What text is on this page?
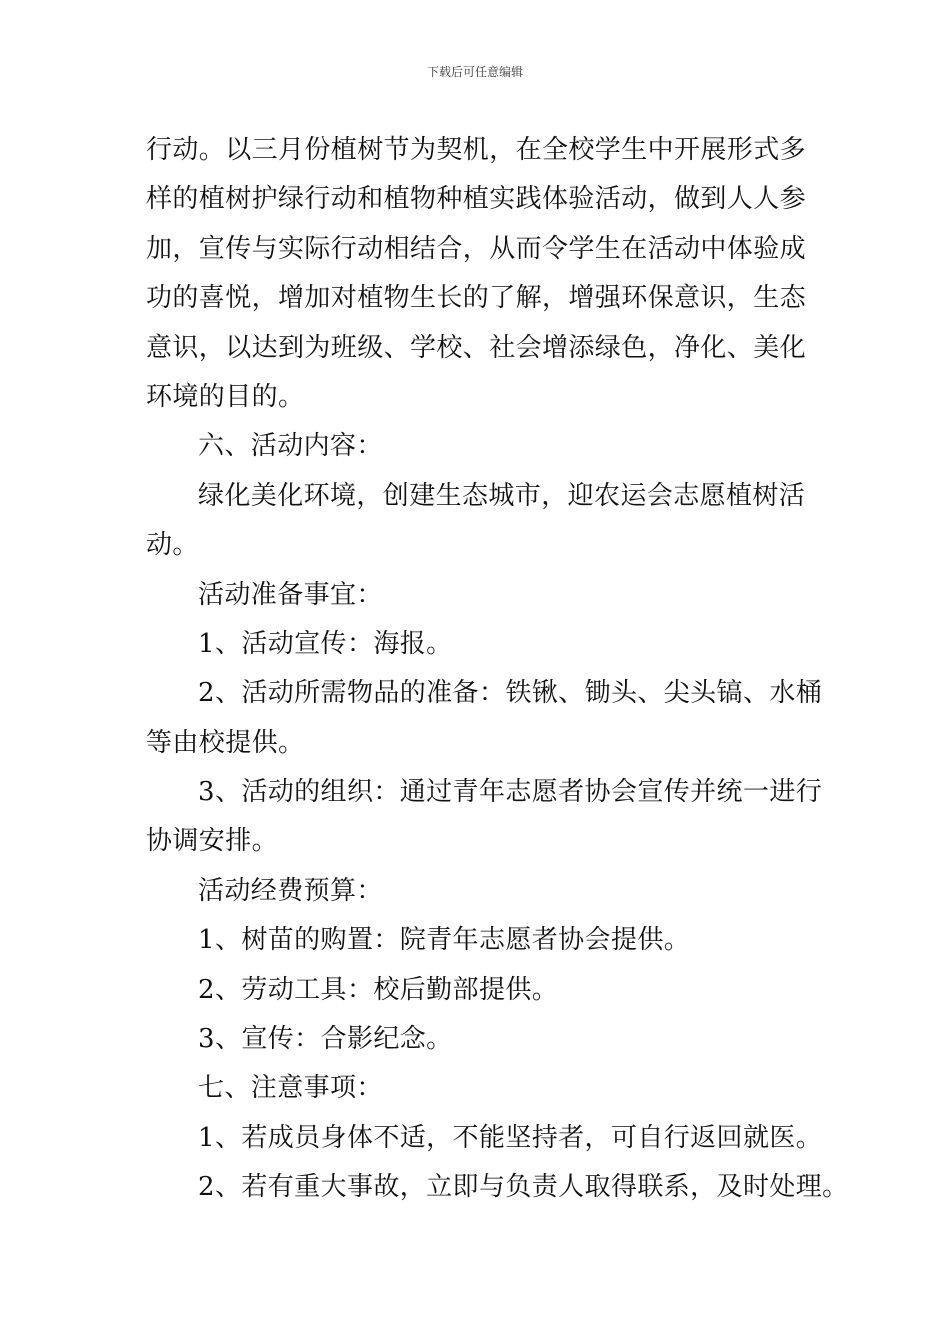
下载后可任意编辑
行动。以三月份植树节为契机，在全校学生中开展形式多
样的植树护绿行动和植物种植实践体验活动，做到人人参
加，宣传与实际行动相结合，从而令学生在活动中体验成
功的喜悦，增加对植物生长的了解，增强环保意识，生态
意识，以达到为班级、学校、社会增添绿色，净化、美化
环境的目的。
六、活动内容：
绿化美化环境，创建生态城市，迎农运会志愿植树活
动。
活动准备事宜：
1、活动宣传：海报。
2、活动所需物品的准备：铁锹、锄头、尖头镐、水桶
等由校提供。
3、活动的组织：通过青年志愿者协会宣传并统一进行
协调安排。
活动经费预算：
1、树苗的购置：院青年志愿者协会提供。
2、劳动工具：校后勤部提供。
3、宣传：合影纪念。
七、注意事项：
1、若成员身体不适，不能坚持者，可自行返回就医。
2、若有重大事故，立即与负责人取得联系，及时处理。
